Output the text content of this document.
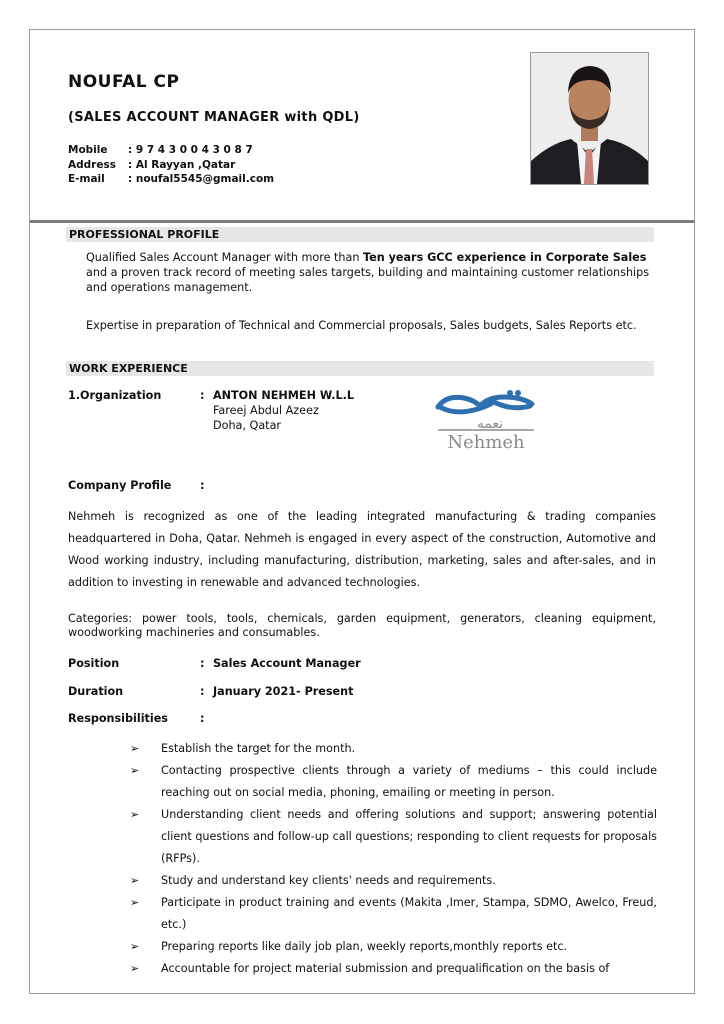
NOUFAL CP
(SALES ACCOUNT MANAGER with QDL)
Mobile	: 9 7 4 3 0 0 4 3 0 8 7
Address	: Al Rayyan ,Qatar
E-mail	: noufal5545@gmail.com
PROFESSIONAL PROFILE
Qualified Sales Account Manager with more than Ten years GCC experience in Corporate Sales and a proven track record of meeting sales targets, building and maintaining customer relationships and operations management.
Expertise in preparation of Technical and Commercial proposals, Sales budgets, Sales Reports etc.
WORK EXPERIENCE
1.Organization	: ANTON NEHMEH W.L.L
Fareej Abdul Azeez
Doha, Qatar	نعمه
Nehmeh
Company Profile	:
Nehmeh is recognized as one of the leading integrated manufacturing & trading companies headquartered in Doha, Qatar. Nehmeh is engaged in every aspect of the construction, Automotive and Wood working industry, including manufacturing, distribution, marketing, sales and after-sales, and in addition to investing in renewable and advanced technologies.
Categories: power tools, tools, chemicals, garden equipment, generators, cleaning equipment, woodworking machineries and consumables.
Position	: Sales Account Manager
Duration	: January 2021- Present
Responsibilities	:
➢ Establish the target for the month.
➢ Contacting prospective clients through a variety of mediums – this could include reaching out on social media, phoning, emailing or meeting in person.
➢ Understanding client needs and offering solutions and support; answering potential client questions and follow-up call questions; responding to client requests for proposals (RFPs).
➢ Study and understand key clients' needs and requirements.
➢ Participate in product training and events (Makita ,Imer, Stampa, SDMO, Awelco, Freud, etc.)
➢ Preparing reports like daily job plan, weekly reports,monthly reports etc.
➢ Accountable for project material submission and prequalification on the basis of
